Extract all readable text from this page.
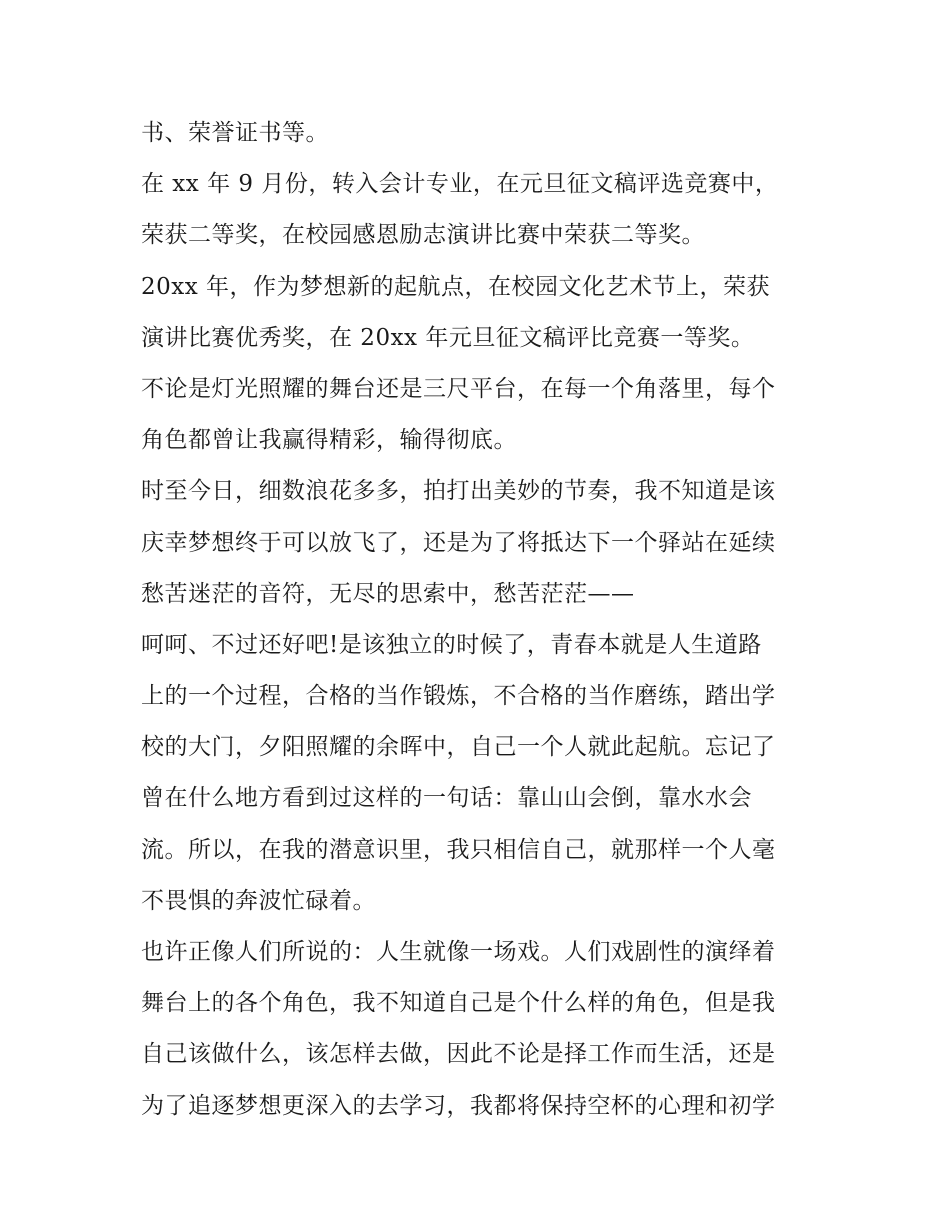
书、荣誉证书等。
在 xx 年 9 月份，转入会计专业，在元旦征文稿评选竞赛中，
荣获二等奖，在校园感恩励志演讲比赛中荣获二等奖。
20xx 年，作为梦想新的起航点，在校园文化艺术节上，荣获
演讲比赛优秀奖，在 20xx 年元旦征文稿评比竞赛一等奖。
不论是灯光照耀的舞台还是三尺平台，在每一个角落里，每个
角色都曾让我赢得精彩，输得彻底。
时至今日，细数浪花多多，拍打出美妙的节奏，我不知道是该
庆幸梦想终于可以放飞了，还是为了将抵达下一个驿站在延续
愁苦迷茫的音符，无尽的思索中，愁苦茫茫——
呵呵、不过还好吧!是该独立的时候了，青春本就是人生道路
上的一个过程，合格的当作锻炼，不合格的当作磨练，踏出学
校的大门，夕阳照耀的余晖中，自己一个人就此起航。忘记了
曾在什么地方看到过这样的一句话：靠山山会倒，靠水水会
流。所以，在我的潜意识里，我只相信自己，就那样一个人毫
不畏惧的奔波忙碌着。
也许正像人们所说的：人生就像一场戏。人们戏剧性的演绎着
舞台上的各个角色，我不知道自己是个什么样的角色，但是我
自己该做什么，该怎样去做，因此不论是择工作而生活，还是
为了追逐梦想更深入的去学习，我都将保持空杯的心理和初学
